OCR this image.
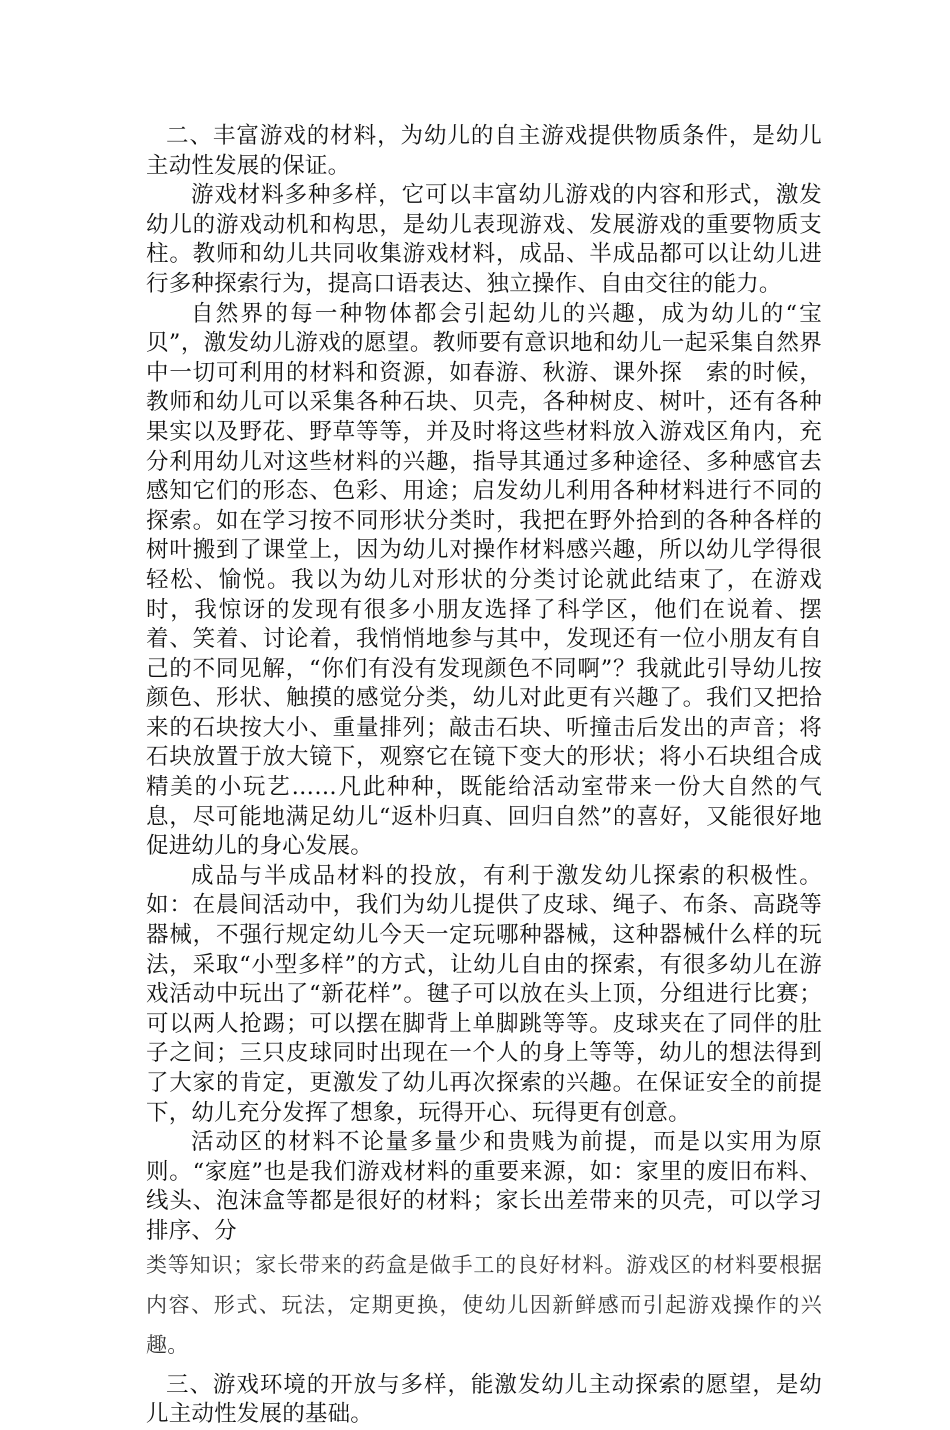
二、丰富游戏的材料，为幼儿的自主游戏提供物质条件，是幼儿主动性发展的保证。

游戏材料多种多样，它可以丰富幼儿游戏的内容和形式，激发幼儿的游戏动机和构思，是幼儿表现游戏、发展游戏的重要物质支柱。教师和幼儿共同收集游戏材料，成品、半成品都可以让幼儿进行多种探索行为，提高口语表达、独立操作、自由交往的能力。

自然界的每一种物体都会引起幼儿的兴趣，成为幼儿的“宝贝”，激发幼儿游戏的愿望。教师要有意识地和幼儿一起采集自然界中一切可利用的材料和资源，如春游、秋游、课外探　索的时候，教师和幼儿可以采集各种石块、贝壳，各种树皮、树叶，还有各种果实以及野花、野草等等，并及时将这些材料放入游戏区角内，充分利用幼儿对这些材料的兴趣，指导其通过多种途径、多种感官去感知它们的形态、色彩、用途；启发幼儿利用各种材料进行不同的探索。如在学习按不同形状分类时，我把在野外拾到的各种各样的树叶搬到了课堂上，因为幼儿对操作材料感兴趣，所以幼儿学得很轻松、愉悦。我以为幼儿对形状的分类讨论就此结束了，在游戏时，我惊讶的发现有很多小朋友选择了科学区，他们在说着、摆着、笑着、讨论着，我悄悄地参与其中，发现还有一位小朋友有自己的不同见解，“你们有没有发现颜色不同啊”？我就此引导幼儿按颜色、形状、触摸的感觉分类，幼儿对此更有兴趣了。我们又把拾来的石块按大小、重量排列；敲击石块、听撞击后发出的声音；将石块放置于放大镜下，观察它在镜下变大的形状；将小石块组合成精美的小玩艺……凡此种种，既能给活动室带来一份大自然的气息，尽可能地满足幼儿“返朴归真、回归自然”的喜好，又能很好地促进幼儿的身心发展。

成品与半成品材料的投放，有利于激发幼儿探索的积极性。如：在晨间活动中，我们为幼儿提供了皮球、绳子、布条、高跷等器械，不强行规定幼儿今天一定玩哪种器械，这种器械什么样的玩法，采取“小型多样”的方式，让幼儿自由的探索，有很多幼儿在游戏活动中玩出了“新花样”。毽子可以放在头上顶，分组进行比赛；可以两人抢踢；可以摆在脚背上单脚跳等等。皮球夹在了同伴的肚子之间；三只皮球同时出现在一个人的身上等等，幼儿的想法得到了大家的肯定，更激发了幼儿再次探索的兴趣。在保证安全的前提下，幼儿充分发挥了想象，玩得开心、玩得更有创意。

活动区的材料不论量多量少和贵贱为前提，而是以实用为原则。“家庭”也是我们游戏材料的重要来源，如：家里的废旧布料、线头、泡沫盒等都是很好的材料；家长出差带来的贝壳，可以学习排序、分

类等知识；家长带来的药盒是做手工的良好材料。游戏区的材料要根据内容、形式、玩法，定期更换，使幼儿因新鲜感而引起游戏操作的兴趣。

三、游戏环境的开放与多样，能激发幼儿主动探索的愿望，是幼儿主动性发展的基础。
